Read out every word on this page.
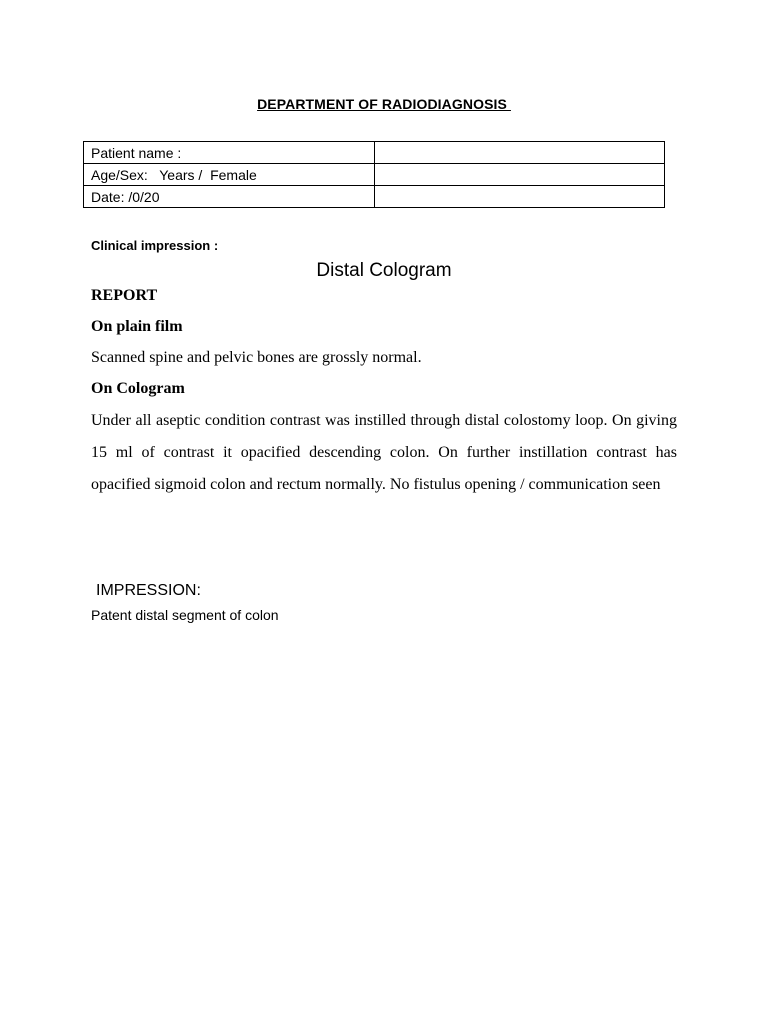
DEPARTMENT OF RADIODIAGNOSIS
Patient name :	
Age/Sex:   Years /  Female	
Date: /0/20	
Clinical impression :
Distal Cologram
REPORT
On plain film
Scanned spine and pelvic bones are grossly normal.
On Cologram
Under all aseptic condition contrast was instilled through distal colostomy loop. On giving 15 ml of contrast it opacified descending colon. On further instillation contrast has opacified sigmoid colon and rectum normally. No fistulus opening / communication seen
IMPRESSION:
Patent distal segment of colon
